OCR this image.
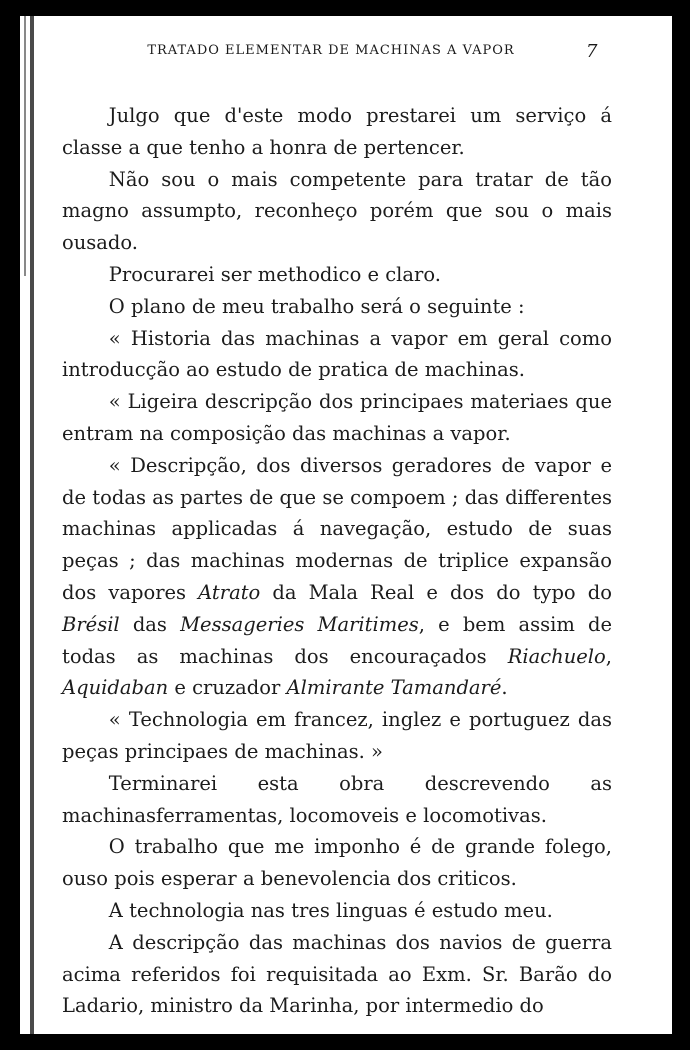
TRATADO ELEMENTAR DE MACHINAS A VAPOR	7

Julgo que d'este modo prestarei um serviço á classe a que tenho a honra de pertencer.

Não sou o mais competente para tratar de tão magno assumpto, reconheço porém que sou o mais ousado.

Procurarei ser methodico e claro.

O plano de meu trabalho será o seguinte :

« Historia das machinas a vapor em geral como introducção ao estudo de pratica de machinas.

« Ligeira descripção dos principaes materiaes que entram na composição das machinas a vapor.

« Descripção, dos diversos geradores de vapor e de todas as partes de que se compoem ; das differentes machinas applicadas á navegação, estudo de suas peças ; das machinas modernas de triplice expansão dos vapores Atrato da Mala Real e dos do typo do Brésil das Messageries Maritimes, e bem assim de todas as machinas dos encouraçados Riachuelo, Aquidaban e cruzador Almirante Tamandaré.

« Technologia em francez, inglez e portuguez das peças principaes de machinas. »

Terminarei esta obra descrevendo as machinasferramentas, locomoveis e locomotivas.

O trabalho que me imponho é de grande folego, ouso pois esperar a benevolencia dos criticos.

A technologia nas tres linguas é estudo meu.

A descripção das machinas dos navios de guerra acima referidos foi requisitada ao Exm. Sr. Barão do Ladario, ministro da Marinha, por intermedio do
